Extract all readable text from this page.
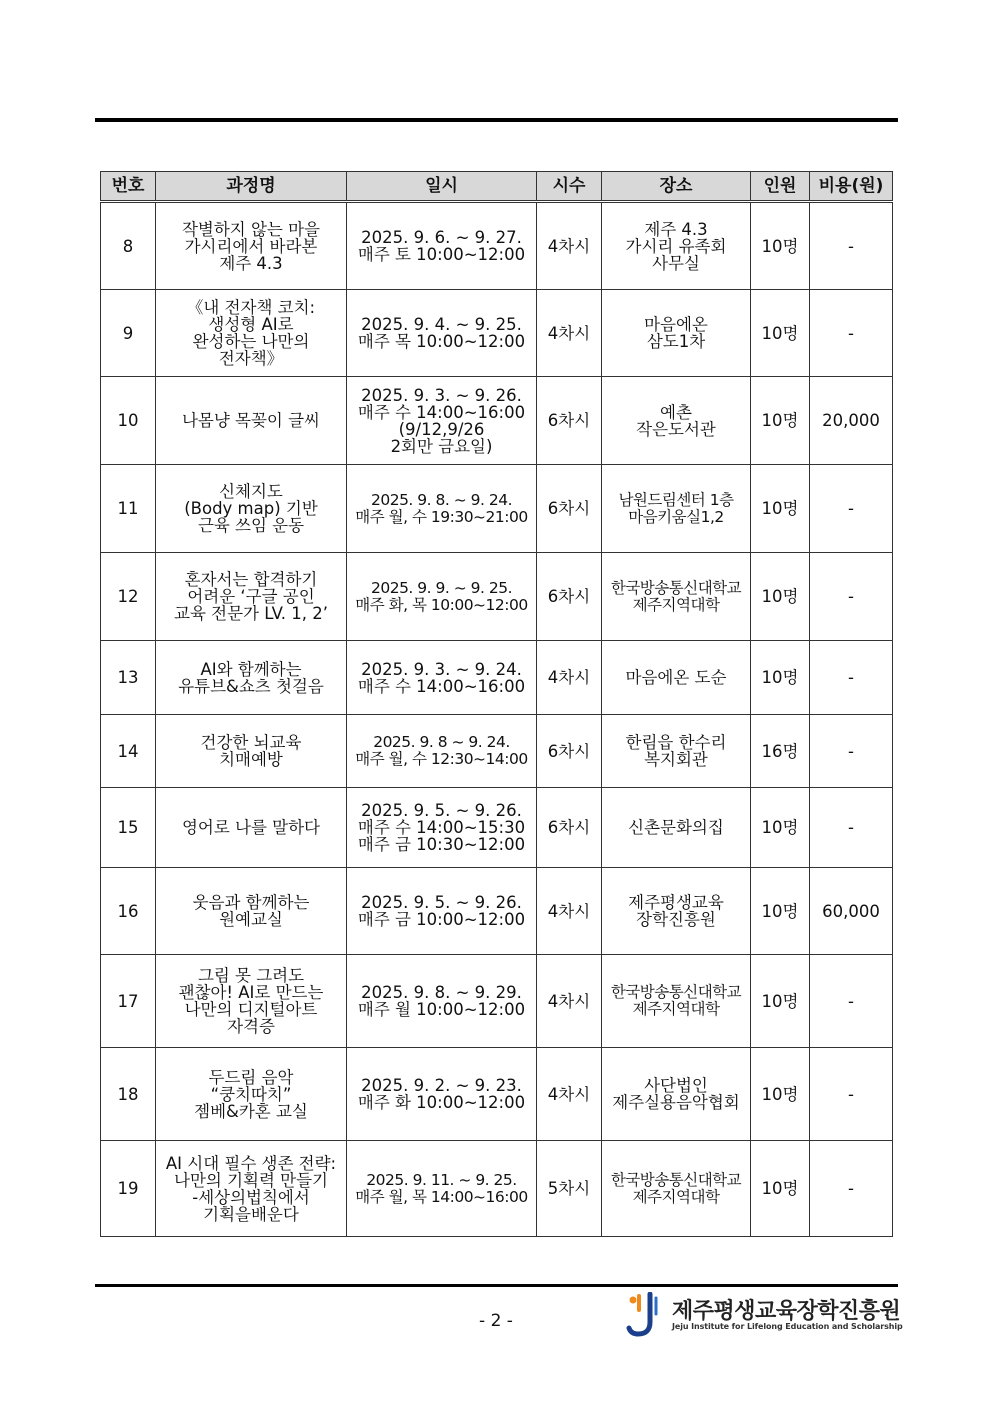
번호	과정명	일시	시수	장소	인원	비용(원)
8	작별하지 않는 마을
가시리에서 바라본
제주 4.3	2025. 9. 6. ~ 9. 27.
매주 토 10:00~12:00	4차시	제주 4.3
가시리 유족회
사무실	10명	-
9	《내 전자책 코치:
생성형 AI로
완성하는 나만의
전자책》	2025. 9. 4. ~ 9. 25.
매주 목 10:00~12:00	4차시	마음에온
삼도1차	10명	-
10	나몸냥 목꽂이 글씨	2025. 9. 3. ~ 9. 26.
매주 수 14:00~16:00
(9/12,9/26
2회만 금요일)	6차시	예촌
작은도서관	10명	20,000
11	신체지도
(Body map) 기반
근육 쓰임 운동	2025. 9. 8. ~ 9. 24.
매주 월, 수 19:30~21:00	6차시	남원드림센터 1층
마음키움실1,2	10명	-
12	혼자서는 합격하기
어려운 ‘구글 공인
교육 전문가 LV. 1, 2’	2025. 9. 9. ~ 9. 25.
매주 화, 목 10:00~12:00	6차시	한국방송통신대학교
제주지역대학	10명	-
13	AI와 함께하는
유튜브&쇼츠 첫걸음	2025. 9. 3. ~ 9. 24.
매주 수 14:00~16:00	4차시	마음에온 도순	10명	-
14	건강한 뇌교육
치매예방	2025. 9. 8 ~ 9. 24.
매주 월, 수 12:30~14:00	6차시	한림읍 한수리
복지회관	16명	-
15	영어로 나를 말하다	2025. 9. 5. ~ 9. 26.
매주 수 14:00~15:30
매주 금 10:30~12:00	6차시	신촌문화의집	10명	-
16	웃음과 함께하는
원예교실	2025. 9. 5. ~ 9. 26.
매주 금 10:00~12:00	4차시	제주평생교육
장학진흥원	10명	60,000
17	그림 못 그려도
괜찮아! AI로 만드는
나만의 디지털아트
자격증	2025. 9. 8. ~ 9. 29.
매주 월 10:00~12:00	4차시	한국방송통신대학교
제주지역대학	10명	-
18	두드림 음악
“쿵치따치”
젬베&카혼 교실	2025. 9. 2. ~ 9. 23.
매주 화 10:00~12:00	4차시	사단법인
제주실용음악협회	10명	-
19	AI 시대 필수 생존 전략:
나만의 기획력 만들기
-세상의법칙에서
기획을배운다	2025. 9. 11. ~ 9. 25.
매주 월, 목 14:00~16:00	5차시	한국방송통신대학교
제주지역대학	10명	-
- 2 -	제주평생교육장학진흥원
Jeju Institute for Lifelong Education and Scholarship
